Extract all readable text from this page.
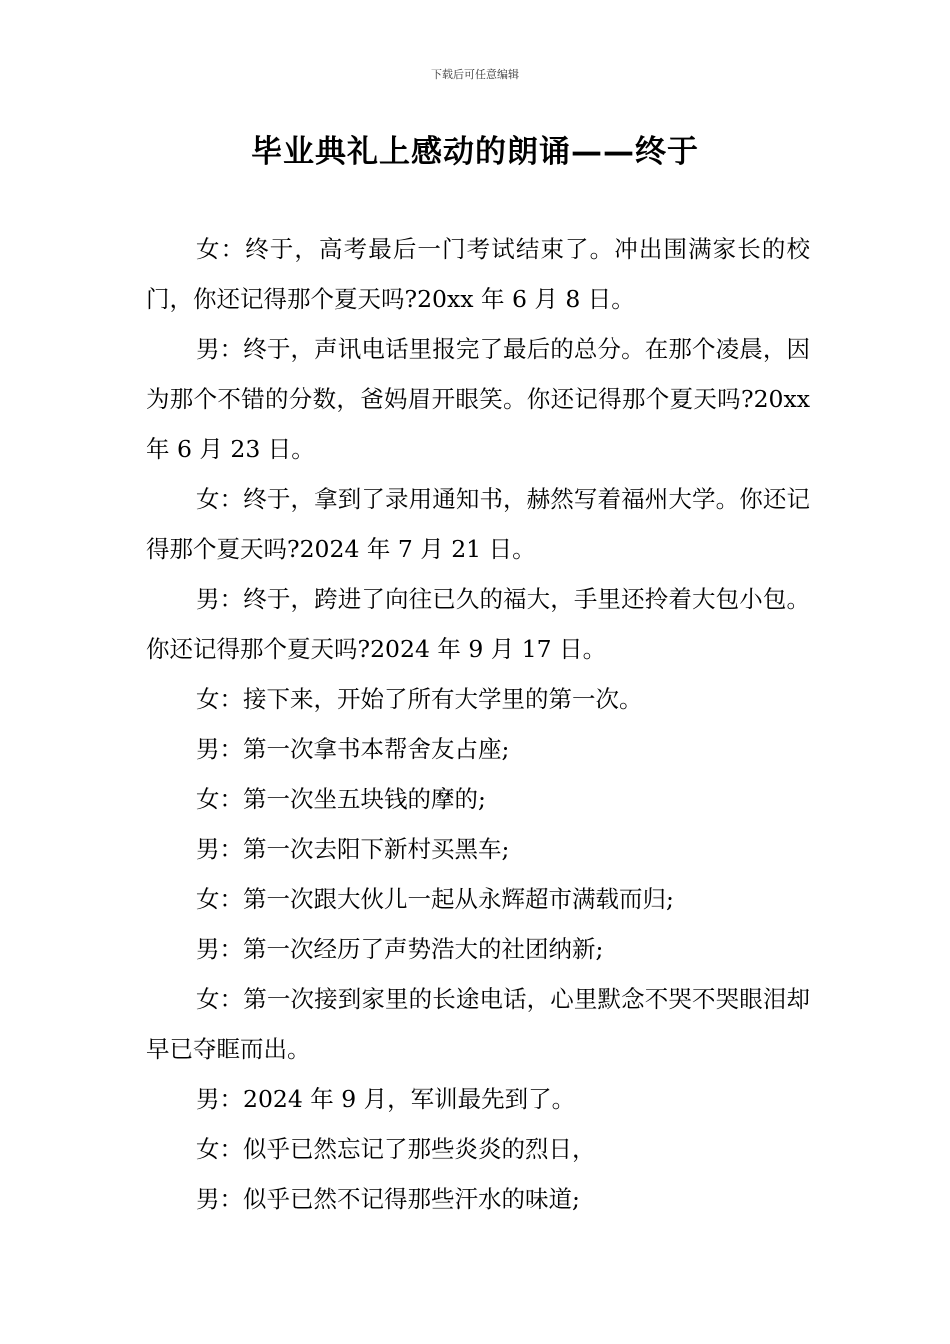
下载后可任意编辑
毕业典礼上感动的朗诵——终于

女：终于，高考最后一门考试结束了。冲出围满家长的校门，你还记得那个夏天吗?20xx 年 6 月 8 日。

男：终于，声讯电话里报完了最后的总分。在那个凌晨，因为那个不错的分数，爸妈眉开眼笑。你还记得那个夏天吗?20xx 年 6 月 23 日。

女：终于，拿到了录用通知书，赫然写着福州大学。你还记得那个夏天吗?2024 年 7 月 21 日。

男：终于，跨进了向往已久的福大，手里还拎着大包小包。你还记得那个夏天吗?2024 年 9 月 17 日。

女：接下来，开始了所有大学里的第一次。

男：第一次拿书本帮舍友占座;

女：第一次坐五块钱的摩的;

男：第一次去阳下新村买黑车;

女：第一次跟大伙儿一起从永辉超市满载而归;

男：第一次经历了声势浩大的社团纳新;

女：第一次接到家里的长途电话，心里默念不哭不哭眼泪却早已夺眶而出。

男：2024 年 9 月，军训最先到了。

女：似乎已然忘记了那些炎炎的烈日，

男：似乎已然不记得那些汗水的味道;
